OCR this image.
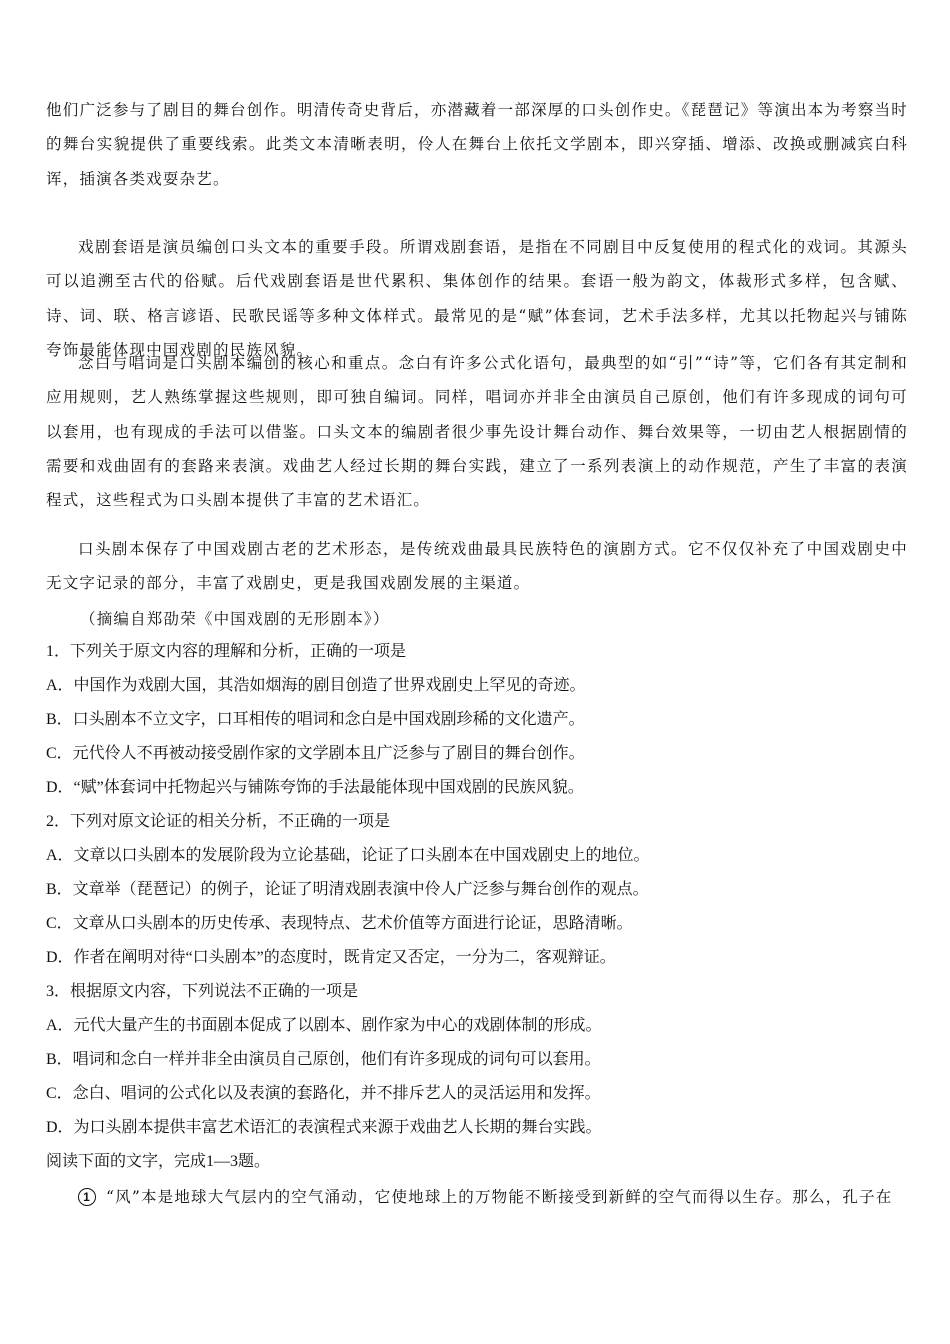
他们广泛参与了剧目的舞台创作。明清传奇史背后，亦潜藏着一部深厚的口头创作史。《琵琶记》等演出本为考察当时的舞台实貌提供了重要线索。此类文本清晰表明，伶人在舞台上依托文学剧本，即兴穿插、增添、改换或删减宾白科诨，插演各类戏耍杂艺。

戏剧套语是演员编创口头文本的重要手段。所谓戏剧套语，是指在不同剧目中反复使用的程式化的戏词。其源头可以追溯至古代的俗赋。后代戏剧套语是世代累积、集体创作的结果。套语一般为韵文，体裁形式多样，包含赋、诗、词、联、格言谚语、民歌民谣等多种文体样式。最常见的是“赋”体套词，艺术手法多样，尤其以托物起兴与铺陈夸饰最能体现中国戏剧的民族风貌。

念白与唱词是口头剧本编创的核心和重点。念白有许多公式化语句，最典型的如“引”“诗”等，它们各有其定制和应用规则，艺人熟练掌握这些规则，即可独自编词。同样，唱词亦并非全由演员自己原创，他们有许多现成的词句可以套用，也有现成的手法可以借鉴。口头文本的编剧者很少事先设计舞台动作、舞台效果等，一切由艺人根据剧情的需要和戏曲固有的套路来表演。戏曲艺人经过长期的舞台实践，建立了一系列表演上的动作规范，产生了丰富的表演程式，这些程式为口头剧本提供了丰富的艺术语汇。

口头剧本保存了中国戏剧古老的艺术形态，是传统戏曲最具民族特色的演剧方式。它不仅仅补充了中国戏剧史中无文字记录的部分，丰富了戏剧史，更是我国戏剧发展的主渠道。

（摘编自郑劭荣《中国戏剧的无形剧本》）

1．下列关于原文内容的理解和分析，正确的一项是

A．中国作为戏剧大国，其浩如烟海的剧目创造了世界戏剧史上罕见的奇迹。

B．口头剧本不立文字，口耳相传的唱词和念白是中国戏剧珍稀的文化遗产。

C．元代伶人不再被动接受剧作家的文学剧本且广泛参与了剧目的舞台创作。

D．“赋”体套词中托物起兴与铺陈夸饰的手法最能体现中国戏剧的民族风貌。

2．下列对原文论证的相关分析，不正确的一项是

A．文章以口头剧本的发展阶段为立论基础，论证了口头剧本在中国戏剧史上的地位。

B．文章举（琵琶记）的例子，论证了明清戏剧表演中伶人广泛参与舞台创作的观点。

C．文章从口头剧本的历史传承、表现特点、艺术价值等方面进行论证，思路清晰。

D．作者在阐明对待“口头剧本”的态度时，既肯定又否定，一分为二，客观辩证。

3．根据原文内容，下列说法不正确的一项是

A．元代大量产生的书面剧本促成了以剧本、剧作家为中心的戏剧体制的形成。

B．唱词和念白一样并非全由演员自己原创，他们有许多现成的词句可以套用。

C．念白、唱词的公式化以及表演的套路化，并不排斥艺人的灵活运用和发挥。

D．为口头剧本提供丰富艺术语汇的表演程式来源于戏曲艺人长期的舞台实践。

阅读下面的文字，完成1—3题。

1 “风”本是地球大气层内的空气涌动，它使地球上的万物能不断接受到新鲜的空气而得以生存。那么，孔子在
